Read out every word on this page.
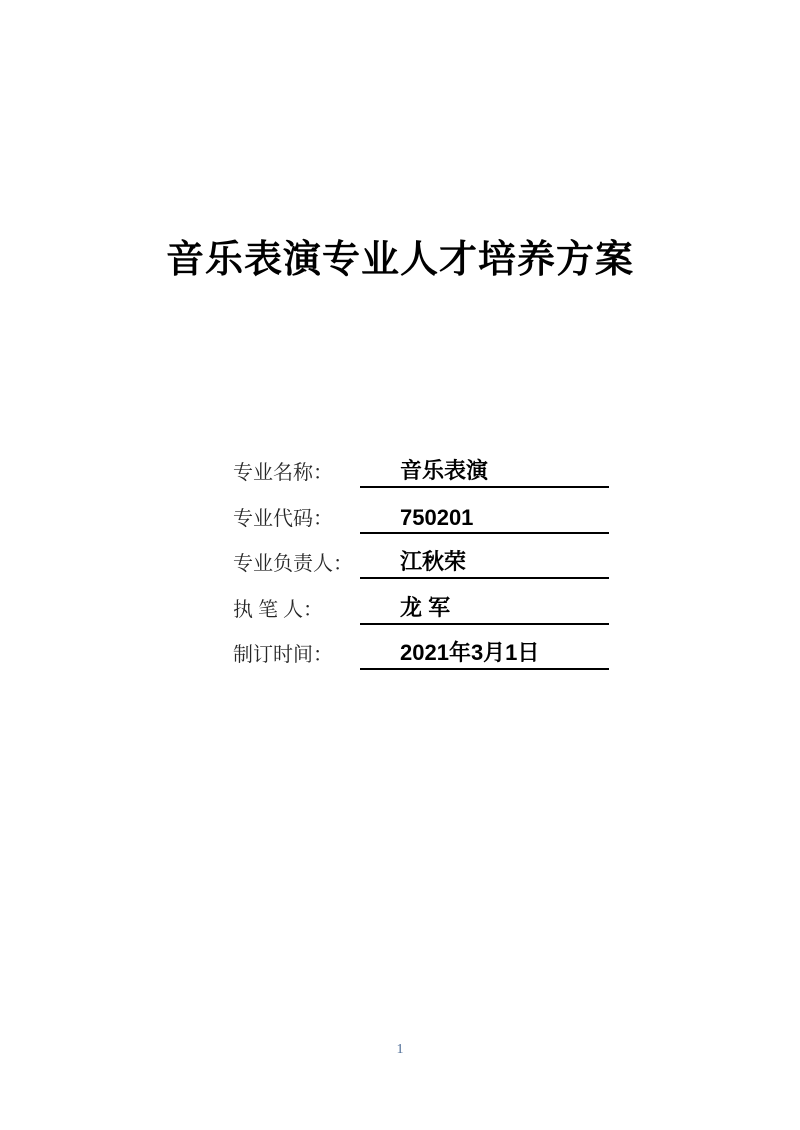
音乐表演专业人才培养方案
专业名称：	音乐表演
专业代码：	750201
专业负责人：	江秋荣
执 笔 人：	龙 军
制订时间：	2021年3月1日
1
